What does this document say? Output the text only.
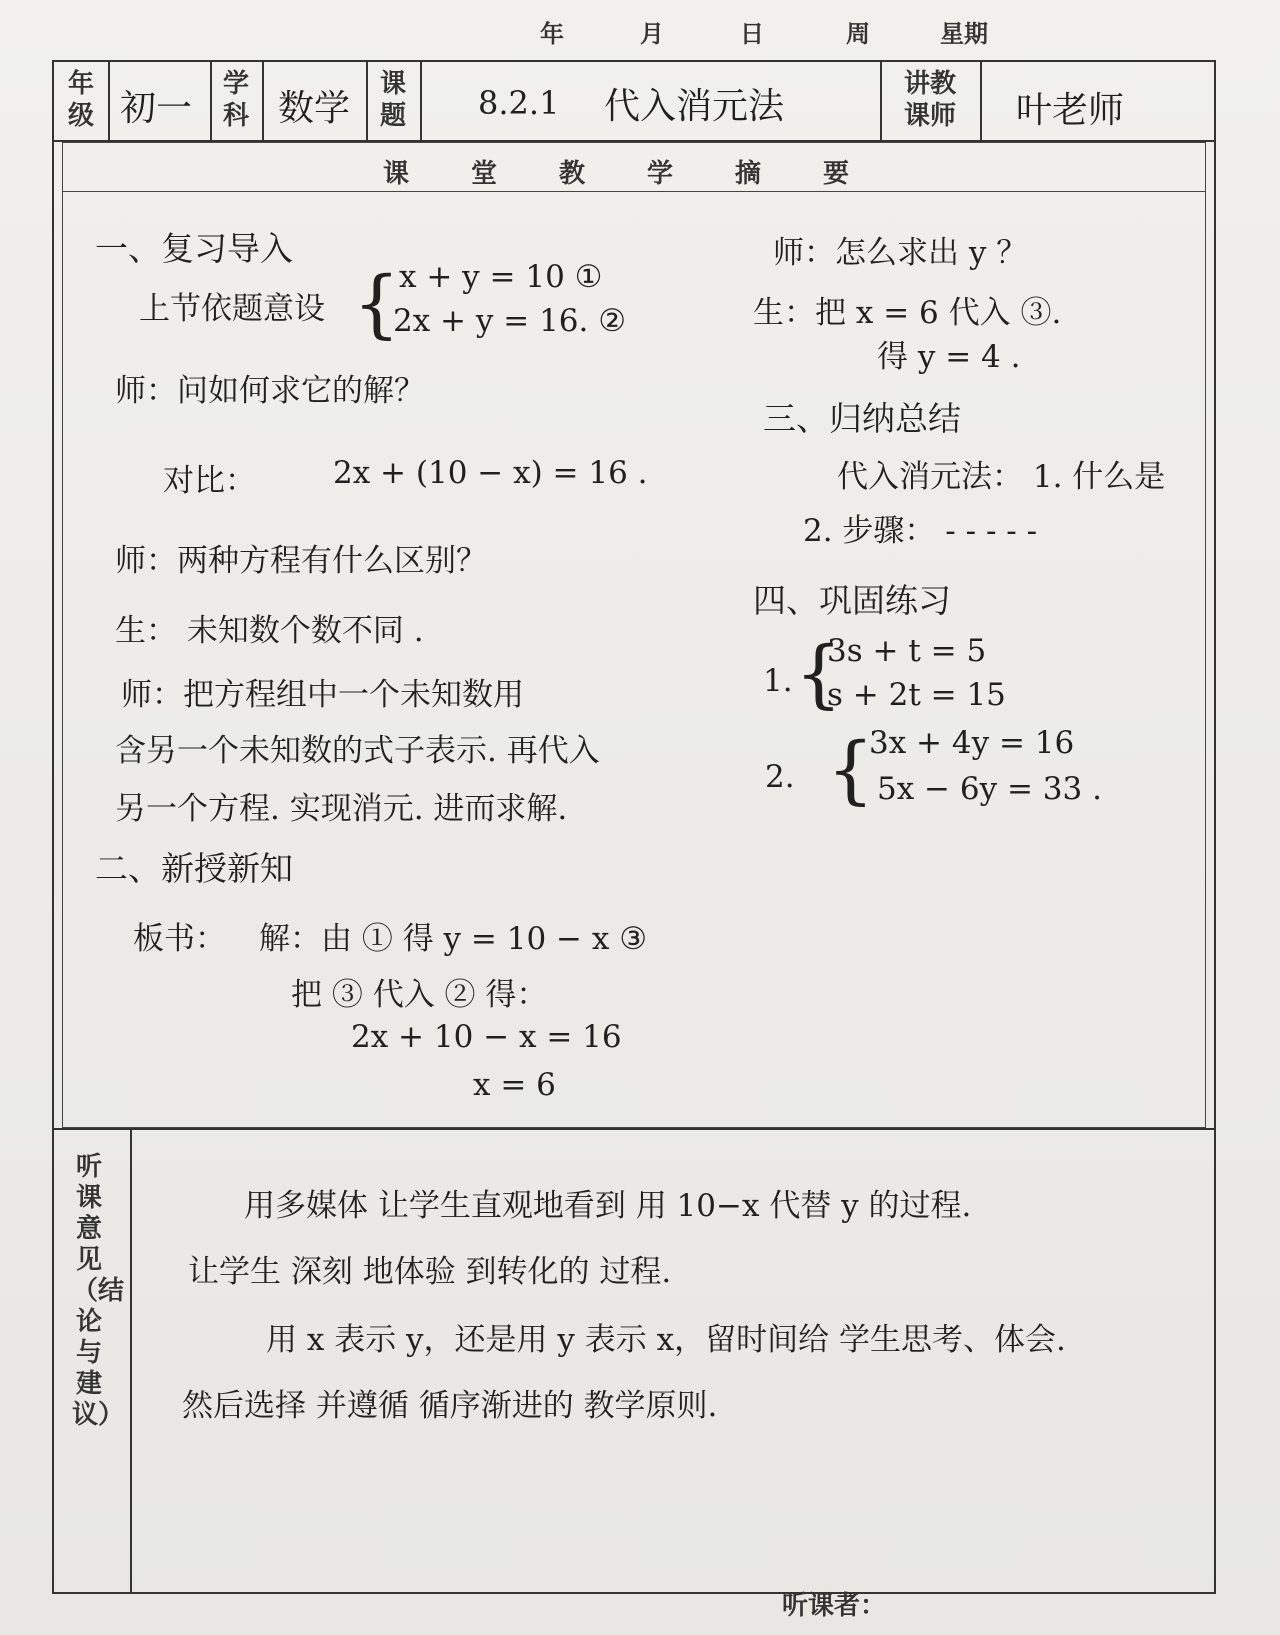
年	月	日	周	星期
年级 初一
学科 数学
课题 8.2.1 代入消元法
讲教课师 叶老师
课 堂 教 学 摘 要
一、复习导入
上节依题意设 {
x + y = 10 ①
2x + y = 16. ②
师：问如何求它的解？
对比： 2x + (10 − x) = 16 .
师：两种方程有什么区别？
生： 未知数个数不同 .
师：把方程组中一个未知数用
含另一个未知数的式子表示. 再代入
另一个方程. 实现消元. 进而求解.
二、新授新知
板书： 解：由 ① 得 y = 10 − x ③
把 ③ 代入 ② 得：
2x + 10 − x = 16
x = 6
师：怎么求出 y ？
生：把 x = 6 代入 ③.
得 y = 4 .
三、归纳总结
代入消元法： 1. 什么是
2. 步骤： - - - - -
四、巩固练习
1. {
3s + t = 5
s + 2t = 15
2. {
3x + 4y = 16
5x − 6y = 33 .
听课意见（结论与建议）
用多媒体 让学生直观地看到 用 10−x 代替 y 的过程.
让学生 深刻 地体验 到转化的 过程.
用 x 表示 y，还是用 y 表示 x，留时间给 学生思考、体会.
然后选择 并遵循 循序渐进的 教学原则.
听课者：
